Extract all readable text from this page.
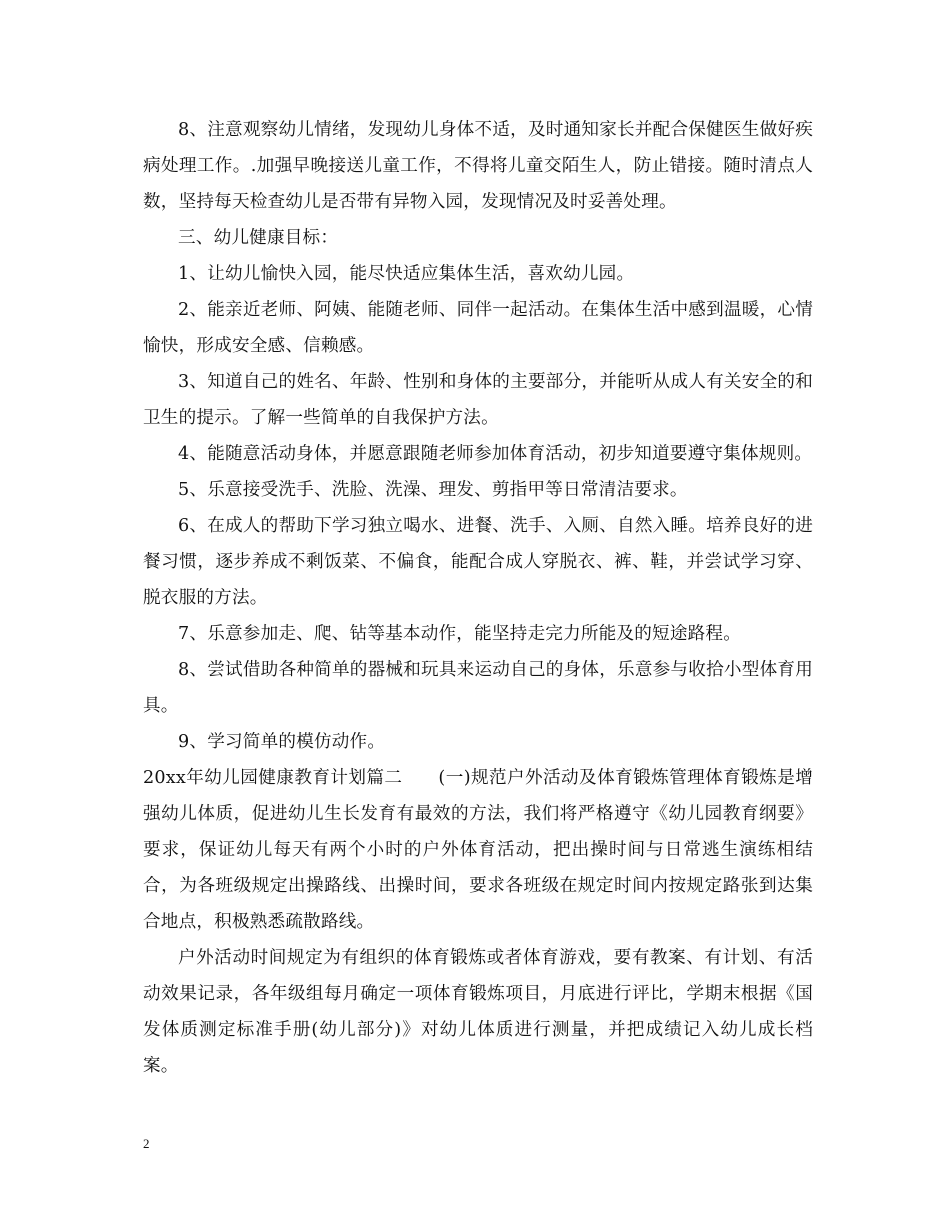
8、注意观察幼儿情绪，发现幼儿身体不适，及时通知家长并配合保健医生做好疾病处理工作。.加强早晚接送儿童工作，不得将儿童交陌生人，防止错接。随时清点人数，坚持每天检查幼儿是否带有异物入园，发现情况及时妥善处理。

三、幼儿健康目标：

1、让幼儿愉快入园，能尽快适应集体生活，喜欢幼儿园。

2、能亲近老师、阿姨、能随老师、同伴一起活动。在集体生活中感到温暖，心情愉快，形成安全感、信赖感。

3、知道自己的姓名、年龄、性别和身体的主要部分，并能听从成人有关安全的和卫生的提示。了解一些简单的自我保护方法。

4、能随意活动身体，并愿意跟随老师参加体育活动，初步知道要遵守集体规则。

5、乐意接受洗手、洗脸、洗澡、理发、剪指甲等日常清洁要求。

6、在成人的帮助下学习独立喝水、进餐、洗手、入厕、自然入睡。培养良好的进餐习惯，逐步养成不剩饭菜、不偏食，能配合成人穿脱衣、裤、鞋，并尝试学习穿、脱衣服的方法。

7、乐意参加走、爬、钻等基本动作，能坚持走完力所能及的短途路程。

8、尝试借助各种简单的器械和玩具来运动自己的身体，乐意参与收拾小型体育用具。

9、学习简单的模仿动作。

20xx年幼儿园健康教育计划篇二　　(一)规范户外活动及体育锻炼管理体育锻炼是增强幼儿体质，促进幼儿生长发育有最效的方法，我们将严格遵守《幼儿园教育纲要》要求，保证幼儿每天有两个小时的户外体育活动，把出操时间与日常逃生演练相结合，为各班级规定出操路线、出操时间，要求各班级在规定时间内按规定路张到达集合地点，积极熟悉疏散路线。

户外活动时间规定为有组织的体育锻炼或者体育游戏，要有教案、有计划、有活动效果记录，各年级组每月确定一项体育锻炼项目，月底进行评比，学期末根据《国发体质测定标准手册(幼儿部分)》对幼儿体质进行测量，并把成绩记入幼儿成长档案。

2
